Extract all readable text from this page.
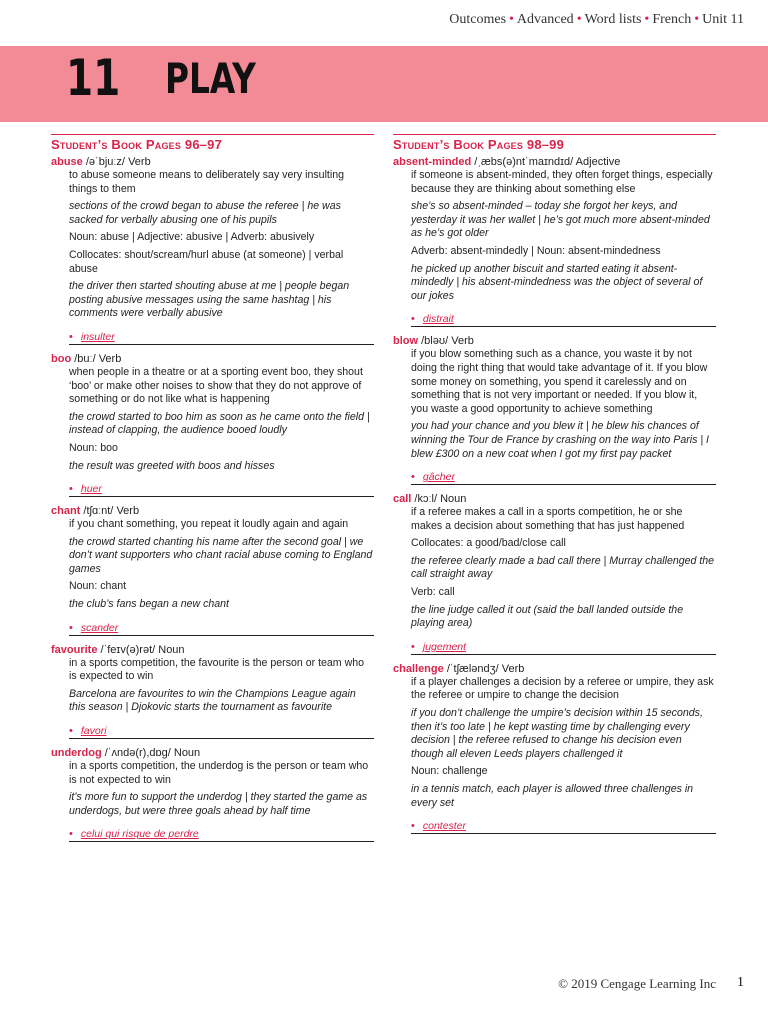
Outcomes • Advanced • Word lists • French • Unit 11
11 PLAY
Student’s Book Pages 96–97
abuse /əˈbjuːz/ Verb
to abuse someone means to deliberately say very insulting things to them
sections of the crowd began to abuse the referee | he was sacked for verbally abusing one of his pupils
Noun: abuse | Adjective: abusive | Adverb: abusively
Collocates: shout/scream/hurl abuse (at someone) | verbal abuse
the driver then started shouting abuse at me | people began posting abusive messages using the same hashtag | his comments were verbally abusive
• insulter
boo /buː/ Verb
when people in a theatre or at a sporting event boo, they shout ‘boo’ or make other noises to show that they do not approve of something or do not like what is happening
the crowd started to boo him as soon as he came onto the field | instead of clapping, the audience booed loudly
Noun: boo
the result was greeted with boos and hisses
• huer
chant /tʃɑːnt/ Verb
if you chant something, you repeat it loudly again and again
the crowd started chanting his name after the second goal | we don’t want supporters who chant racial abuse coming to England games
Noun: chant
the club’s fans began a new chant
• scander
favourite /ˈfeɪv(ə)rət/ Noun
in a sports competition, the favourite is the person or team who is expected to win
Barcelona are favourites to win the Champions League again this season | Djokovic starts the tournament as favourite
• favori
underdog /ˈʌndə(r),dɒg/ Noun
in a sports competition, the underdog is the person or team who is not expected to win
it’s more fun to support the underdog | they started the game as underdogs, but were three goals ahead by half time
• celui qui risque de perdre
Student’s Book Pages 98–99
absent-minded /ˌæbs(ə)ntˈmaɪndɪd/ Adjective
if someone is absent-minded, they often forget things, especially because they are thinking about something else
she’s so absent-minded – today she forgot her keys, and yesterday it was her wallet | he’s got much more absent-minded as he’s got older
Adverb: absent-mindedly | Noun: absent-mindedness
he picked up another biscuit and started eating it absent-mindedly | his absent-mindedness was the object of several of our jokes
• distrait
blow /bləʊ/ Verb
if you blow something such as a chance, you waste it by not doing the right thing that would take advantage of it. If you blow some money on something, you spend it carelessly and on something that is not very important or needed. If you blow it, you waste a good opportunity to achieve something
you had your chance and you blew it | he blew his chances of winning the Tour de France by crashing on the way into Paris | I blew £300 on a new coat when I got my first pay packet
• gâcher
call /kɔːl/ Noun
if a referee makes a call in a sports competition, he or she makes a decision about something that has just happened
Collocates: a good/bad/close call
the referee clearly made a bad call there | Murray challenged the call straight away
Verb: call
the line judge called it out (said the ball landed outside the playing area)
• jugement
challenge /ˈtʃæləndʒ/ Verb
if a player challenges a decision by a referee or umpire, they ask the referee or umpire to change the decision
if you don’t challenge the umpire’s decision within 15 seconds, then it’s too late | he kept wasting time by challenging every decision | the referee refused to change his decision even though all eleven Leeds players challenged it
Noun: challenge
in a tennis match, each player is allowed three challenges in every set
• contester
© 2019 Cengage Learning Inc 1
